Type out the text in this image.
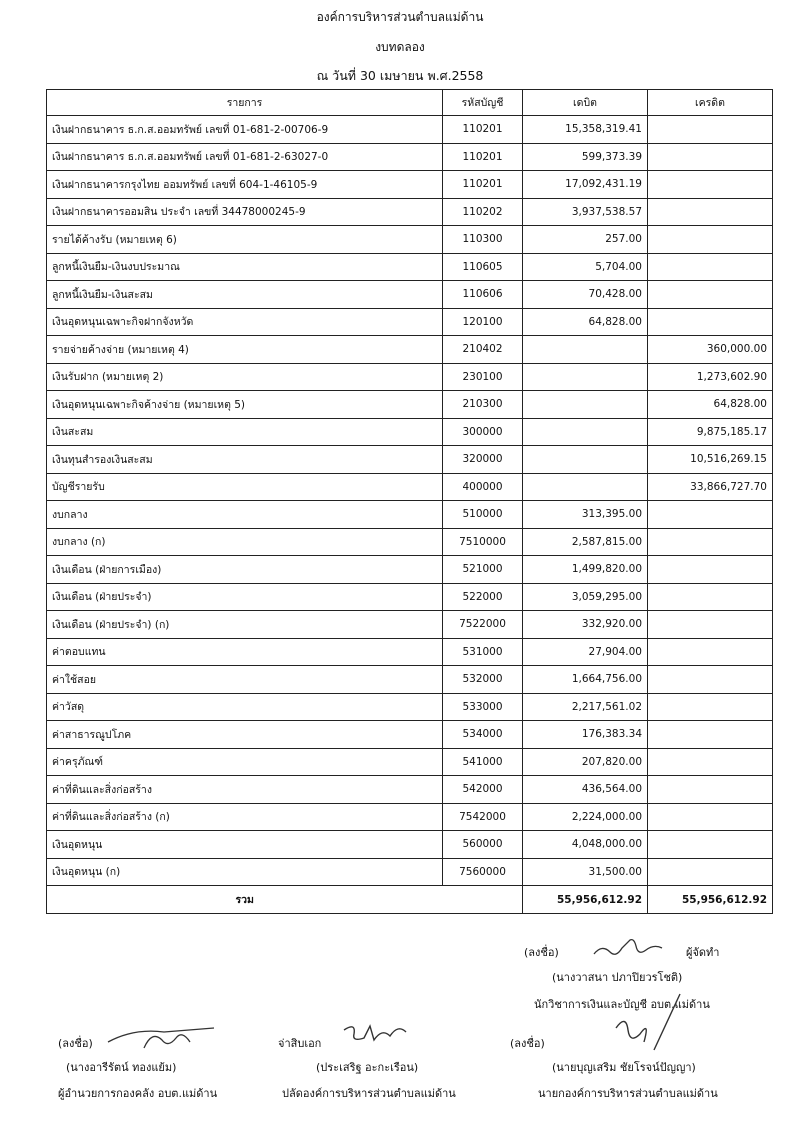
องค์การบริหารส่วนตำบลแม่ด้าน
งบทดลอง
ณ วันที่ 30 เมษายน พ.ศ.2558
รายการ	รหัสบัญชี	เดบิต	เครดิต
เงินฝากธนาคาร ธ.ก.ส.ออมทรัพย์ เลขที่ 01-681-2-00706-9	110201	15,358,319.41	
เงินฝากธนาคาร ธ.ก.ส.ออมทรัพย์ เลขที่ 01-681-2-63027-0	110201	599,373.39	
เงินฝากธนาคารกรุงไทย ออมทรัพย์ เลขที่ 604-1-46105-9	110201	17,092,431.19	
เงินฝากธนาคารออมสิน ประจำ เลขที่ 34478000245-9	110202	3,937,538.57	
รายได้ค้างรับ (หมายเหตุ 6)	110300	257.00	
ลูกหนี้เงินยืม-เงินงบประมาณ	110605	5,704.00	
ลูกหนี้เงินยืม-เงินสะสม	110606	70,428.00	
เงินอุดหนุนเฉพาะกิจฝากจังหวัด	120100	64,828.00	
รายจ่ายค้างจ่าย (หมายเหตุ 4)	210402		360,000.00
เงินรับฝาก (หมายเหตุ 2)	230100		1,273,602.90
เงินอุดหนุนเฉพาะกิจค้างจ่าย (หมายเหตุ 5)	210300		64,828.00
เงินสะสม	300000		9,875,185.17
เงินทุนสำรองเงินสะสม	320000		10,516,269.15
บัญชีรายรับ	400000		33,866,727.70
งบกลาง	510000	313,395.00	
งบกลาง (ก)	7510000	2,587,815.00	
เงินเดือน (ฝ่ายการเมือง)	521000	1,499,820.00	
เงินเดือน (ฝ่ายประจำ)	522000	3,059,295.00	
เงินเดือน (ฝ่ายประจำ) (ก)	7522000	332,920.00	
ค่าตอบแทน	531000	27,904.00	
ค่าใช้สอย	532000	1,664,756.00	
ค่าวัสดุ	533000	2,217,561.02	
ค่าสาธารณูปโภค	534000	176,383.34	
ค่าครุภัณฑ์	541000	207,820.00	
ค่าที่ดินและสิ่งก่อสร้าง	542000	436,564.00	
ค่าที่ดินและสิ่งก่อสร้าง (ก)	7542000	2,224,000.00	
เงินอุดหนุน	560000	4,048,000.00	
เงินอุดหนุน (ก)	7560000	31,500.00	
รวม		55,956,612.92	55,956,612.92
(ลงชื่อ)	ผู้จัดทำ
(นางวาสนา ปภาปิยวรโชติ)
นักวิชาการเงินและบัญชี อบต.แม่ด้าน
(ลงชื่อ)
(นางอารีรัตน์ ทองแย้ม)
ผู้อำนวยการกองคลัง อบต.แม่ด้าน
จ่าสิบเอก
(ประเสริฐ อะกะเรือน)
ปลัดองค์การบริหารส่วนตำบลแม่ด้าน
(ลงชื่อ)
(นายบุญเสริม ชัยโรจน์ปัญญา)
นายกองค์การบริหารส่วนตำบลแม่ด้าน
